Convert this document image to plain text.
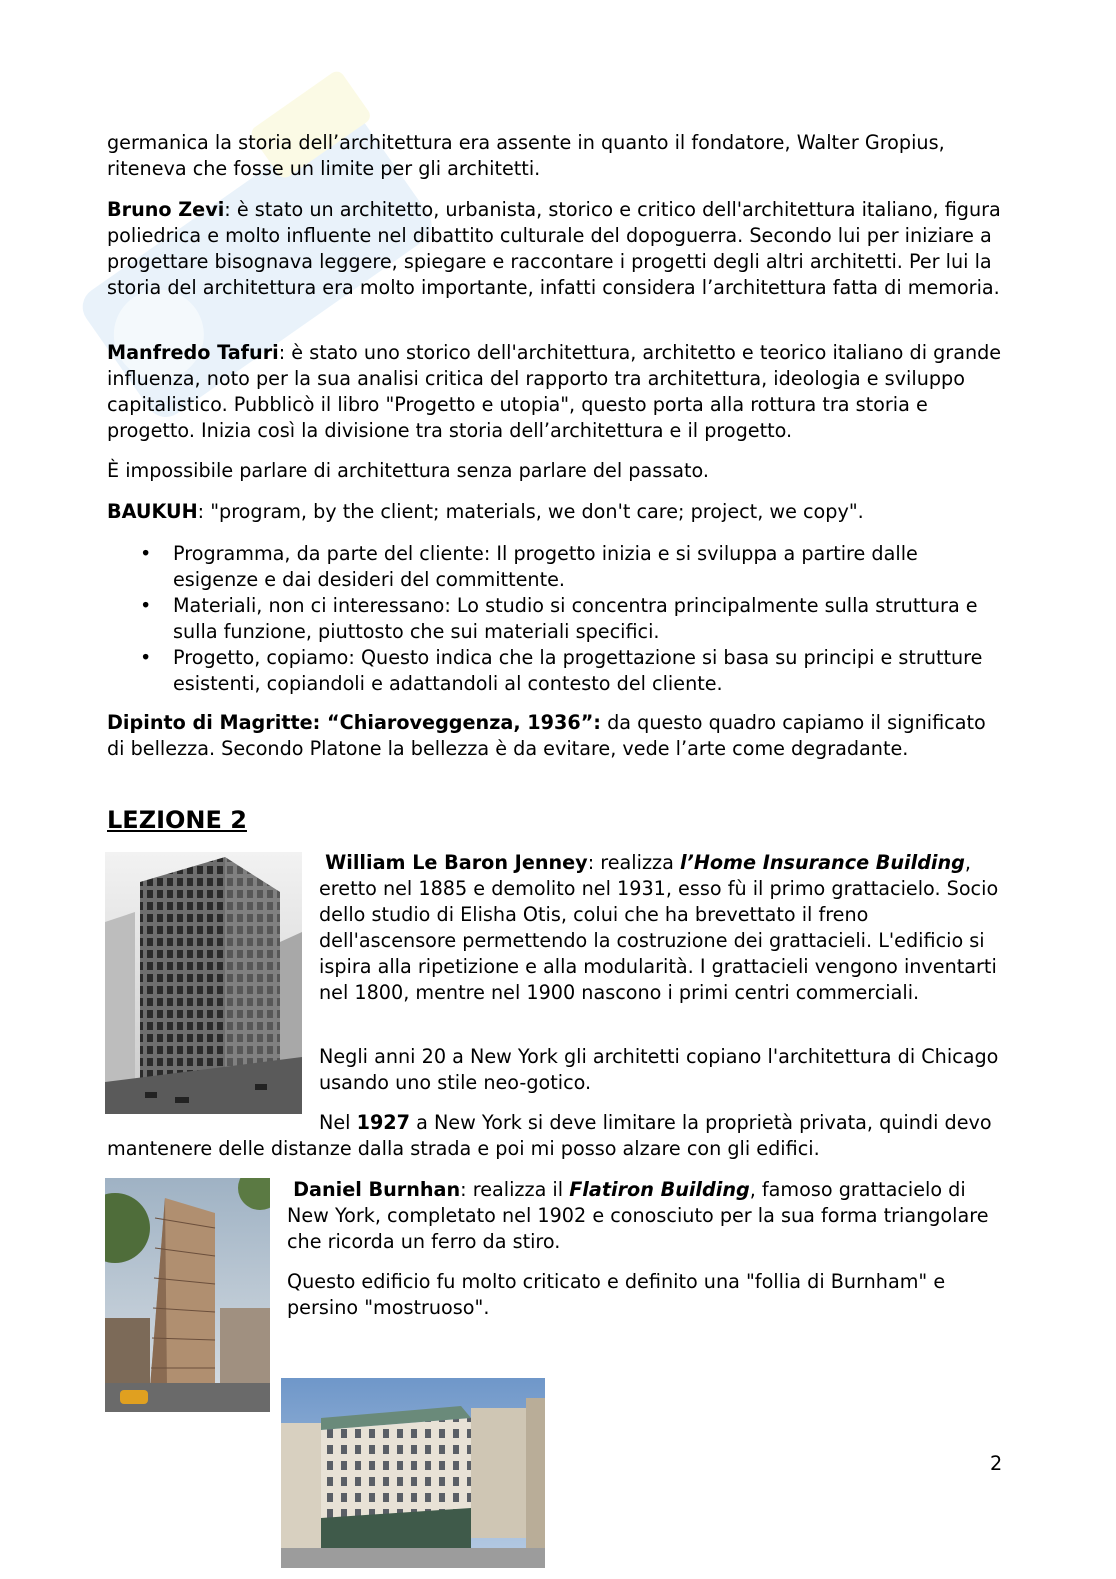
germanica la storia dell’architettura era assente in quanto il fondatore, Walter Gropius, riteneva che fosse un limite per gli architetti.

Bruno Zevi: è stato un architetto, urbanista, storico e critico dell'architettura italiano, figura poliedrica e molto influente nel dibattito culturale del dopoguerra. Secondo lui per iniziare a progettare bisognava leggere, spiegare e raccontare i progetti degli altri architetti. Per lui la storia del architettura era molto importante, infatti considera l’architettura fatta di memoria.

Manfredo Tafuri: è stato uno storico dell'architettura, architetto e teorico italiano di grande influenza, noto per la sua analisi critica del rapporto tra architettura, ideologia e sviluppo capitalistico. Pubblicò il libro "Progetto e utopia", questo porta alla rottura tra storia e progetto. Inizia così la divisione tra storia dell’architettura e il progetto.

È impossibile parlare di architettura senza parlare del passato.

BAUKUH: "program, by the client; materials, we don't care; project, we copy".

• Programma, da parte del cliente: Il progetto inizia e si sviluppa a partire dalle esigenze e dai desideri del committente.
• Materiali, non ci interessano: Lo studio si concentra principalmente sulla struttura e sulla funzione, piuttosto che sui materiali specifici.
• Progetto, copiamo: Questo indica che la progettazione si basa su principi e strutture esistenti, copiandoli e adattandoli al contesto del cliente.

Dipinto di Magritte: “Chiaroveggenza, 1936”: da questo quadro capiamo il significato di bellezza. Secondo Platone la bellezza è da evitare, vede l’arte come degradante.

LEZIONE 2

William Le Baron Jenney: realizza l’Home Insurance Building, eretto nel 1885 e demolito nel 1931, esso fù il primo grattacielo. Socio dello studio di Elisha Otis, colui che ha brevettato il freno dell'ascensore permettendo la costruzione dei grattacieli. L'edificio si ispira alla ripetizione e alla modularità. I grattacieli vengono inventarti nel 1800, mentre nel 1900 nascono i primi centri commerciali.

Negli anni 20 a New York gli architetti copiano l'architettura di Chicago usando uno stile neo-gotico.

Nel 1927 a New York si deve limitare la proprietà privata, quindi devo mantenere delle distanze dalla strada e poi mi posso alzare con gli edifici.

Daniel Burnhan: realizza il Flatiron Building, famoso grattacielo di New York, completato nel 1902 e conosciuto per la sua forma triangolare che ricorda un ferro da stiro.

Questo edificio fu molto criticato e definito una "follia di Burnham" e persino "mostruoso".

2
